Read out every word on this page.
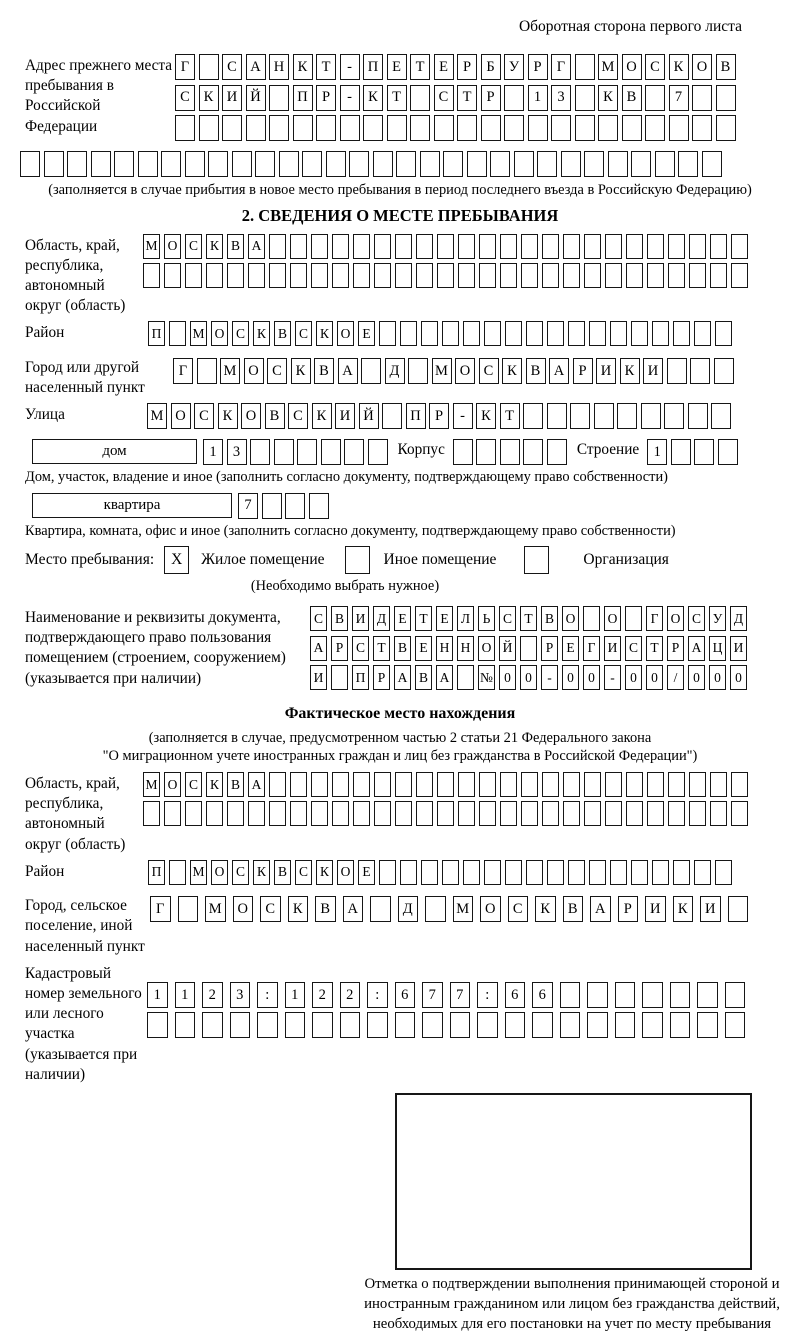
Оборотная сторона первого листа
Адрес прежнего места пребывания в Российской Федерации
Г	С А Н К Т	-	П Е	Т	Е	Р	Б У Р	Г	М О С К О В
С К И Й	П Р	-	К Т	С Т	Р	1	3	К В	7
(заполняется в случае прибытия в новое место пребывания в период последнего въезда в Российскую Федерацию)
2. СВЕДЕНИЯ О МЕСТЕ ПРЕБЫВАНИЯ
Область, край, республика, автономный округ (область)
М О С К В А
Район	П М О С К В С К О Е
Город или другой населенный пункт
Г	М О С К В А	Д	М О С К В А Р И К И
Улица	М О С К О В С К И Й	П Р	-	К Т
дом	1	3	Корпус	Строение 1
Дом, участок, владение и иное (заполнить согласно документу, подтверждающему право собственности)
квартира	7
Квартира, комната, офис и иное (заполнить согласно документу, подтверждающему право собственности)
Место пребывания:	X	Жилое помещение	Иное помещение	Организация
(Необходимо выбрать нужное)
Наименование и реквизиты документа, подтверждающего право пользования помещением (строением, сооружением) (указывается при наличии)
С В И Д Е Т Е Л Ь С Т В О О	Г О С У Д
А Р С Т В Е Н Н О Й	Р Е Г И С Т Р А Ц И
И П Р А В А № 0	0	-	0	0	-	0	0	/	0	0	0
Фактическое место нахождения
(заполняется в случае, предусмотренном частью 2 статьи 21 Федерального закона
"О миграционном учете иностранных граждан и лиц без гражданства в Российской Федерации")
Область, край, республика, автономный округ (область)
М О С К В А
Район	П М О С К В С К О Е
Город, сельское поселение, иной населенный пункт
Г	М	О	С	К	В	А	Д	М	О	С	К	В	А	Р	И	К	И
Кадастровый номер земельного или лесного участка (указывается при наличии)
1	1	2	3	:	1	2	2	:	6	7	7	:	6	6
Отметка о подтверждении выполнения принимающей стороной и иностранным гражданином или лицом без гражданства действий, необходимых для его постановки на учет по месту пребывания
